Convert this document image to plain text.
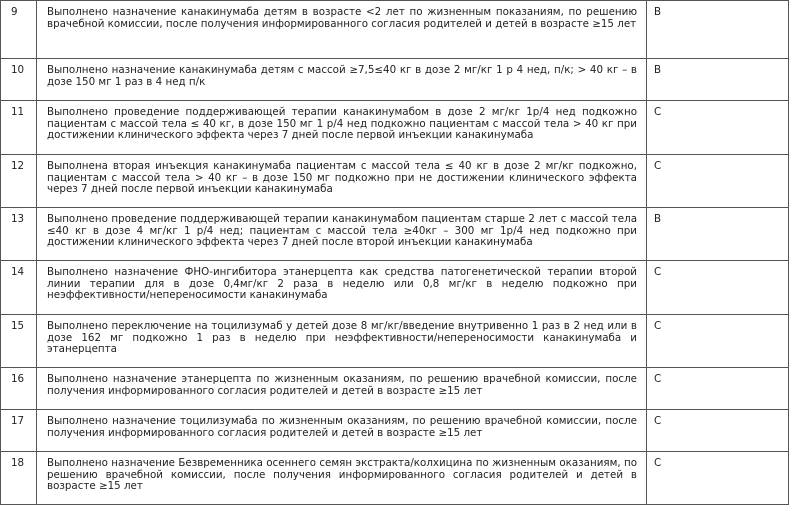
9	Выполнено назначение канакинумаба детям в возрасте <2 лет по жизненным показаниям, по решению врачебной комиссии, после получения информированного согласия родителей и детей в возрасте ≥15 лет	B

10	Выполнено назначение канакинумаба детям с массой ≥7,5≤40 кг в дозе 2 мг/кг 1 р 4 нед, п/к; > 40 кг – в дозе 150 мг 1 раз в 4 нед п/к	B

11	Выполнено проведение поддерживающей терапии канакинумабом в дозе 2 мг/кг 1р/4 нед подкожно пациентам с массой тела ≤ 40 кг, в дозе 150 мг 1 р/4 нед подкожно пациентам с массой тела > 40 кг при достижении клинического эффекта через 7 дней после первой инъекции канакинумаба	C

12	Выполнена вторая инъекция канакинумаба пациентам с массой тела ≤ 40 кг в дозе 2 мг/кг подкожно, пациентам с массой тела > 40 кг – в дозе 150 мг подкожно при не достижении клинического эффекта через 7 дней после первой инъекции канакинумаба	C

13	Выполнено проведение поддерживающей терапии канакинумабом пациентам старше 2 лет с массой тела ≤40 кг в дозе 4 мг/кг 1 р/4 нед; пациентам с массой тела ≥40кг – 300 мг 1р/4 нед подкожно при достижении клинического эффекта через 7 дней после второй инъекции канакинумаба	B

14	Выполнено назначение ФНО-ингибитора этанерцепта как средства патогенетической терапии второй линии терапии для в дозе 0,4мг/кг 2 раза в неделю или 0,8 мг/кг в неделю подкожно при неэффективности/непереносимости канакинумаба	C

15	Выполнено переключение на тоцилизумаб у детей дозе 8 мг/кг/введение внутривенно 1 раз в 2 нед или в дозе 162 мг подкожно 1 раз в неделю при неэффективности/непереносимости канакинумаба и этанерцепта	C

16	Выполнено назначение этанерцепта по жизненным оказаниям, по решению врачебной комиссии, после получения информированного согласия родителей и детей в возрасте ≥15 лет	C

17	Выполнено назначение тоцилизумаба по жизненным оказаниям, по решению врачебной комиссии, после получения информированного согласия родителей и детей в возрасте ≥15 лет	C

18	Выполнено назначение Безвременника осеннего семян экстракта/колхицина по жизненным оказаниям, по решению врачебной комиссии, после получения информированного согласия родителей и детей в возрасте ≥15 лет	C
